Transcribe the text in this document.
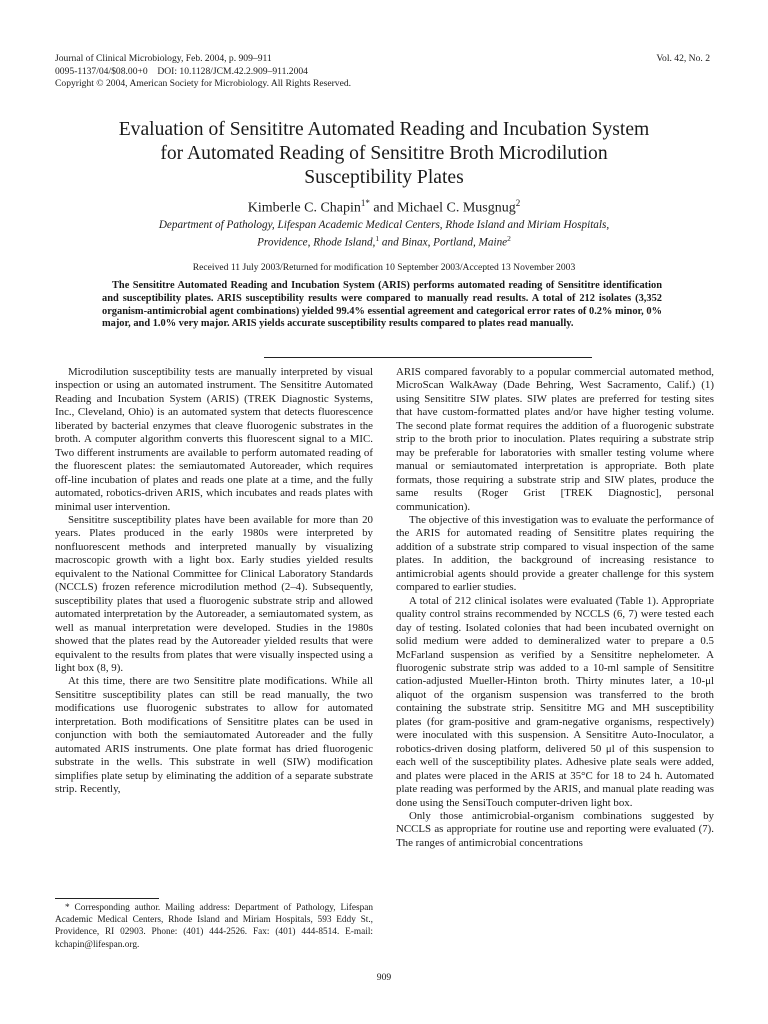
Journal of Clinical Microbiology, Feb. 2004, p. 909–911
0095-1137/04/$08.00+0    DOI: 10.1128/JCM.42.2.909–911.2004
Copyright © 2004, American Society for Microbiology. All Rights Reserved.
Vol. 42, No. 2
Evaluation of Sensititre Automated Reading and Incubation System
for Automated Reading of Sensititre Broth Microdilution
Susceptibility Plates
Kimberle C. Chapin$^{1*}$ and Michael C. Musgnug$^2$
Department of Pathology, Lifespan Academic Medical Centers, Rhode Island and Miriam Hospitals,
Providence, Rhode Island,$^1$ and Binax, Portland, Maine$^2$
Received 11 July 2003/Returned for modification 10 September 2003/Accepted 13 November 2003

The Sensititre Automated Reading and Incubation System (ARIS) performs automated reading of Sensititre identification and susceptibility plates. ARIS susceptibility results were compared to manually read results. A total of 212 isolates (3,352 organism-antimicrobial agent combinations) yielded 99.4% essential agreement and categorical error rates of 0.2% minor, 0% major, and 1.0% very major. ARIS yields accurate susceptibility results compared to plates read manually.

Microdilution susceptibility tests are manually interpreted by visual inspection or using an automated instrument. The Sensititre Automated Reading and Incubation System (ARIS) (TREK Diagnostic Systems, Inc., Cleveland, Ohio) is an automated system that detects fluorescence liberated by bacterial enzymes that cleave fluorogenic substrates in the broth. A computer algorithm converts this fluorescent signal to a MIC. Two different instruments are available to perform automated reading of the fluorescent plates: the semiautomated Autoreader, which requires off-line incubation of plates and reads one plate at a time, and the fully automated, robotics-driven ARIS, which incubates and reads plates with minimal user intervention.

Sensititre susceptibility plates have been available for more than 20 years. Plates produced in the early 1980s were interpreted by nonfluorescent methods and interpreted manually by visualizing macroscopic growth with a light box. Early studies yielded results equivalent to the National Committee for Clinical Laboratory Standards (NCCLS) frozen reference microdilution method (2–4). Subsequently, susceptibility plates that used a fluorogenic substrate strip and allowed automated interpretation by the Autoreader, a semiautomated system, as well as manual interpretation were developed. Studies in the 1980s showed that the plates read by the Autoreader yielded results that were equivalent to the results from plates that were visually inspected using a light box (8, 9).

At this time, there are two Sensititre plate modifications. While all Sensititre susceptibility plates can still be read manually, the two modifications use fluorogenic substrates to allow for automated interpretation. Both modifications of Sensititre plates can be used in conjunction with both the semiautomated Autoreader and the fully automated ARIS instruments. One plate format has dried fluorogenic substrate in the wells. This substrate in well (SIW) modification simplifies plate setup by eliminating the addition of a separate substrate strip. Recently,

ARIS compared favorably to a popular commercial automated method, MicroScan WalkAway (Dade Behring, West Sacramento, Calif.) (1) using Sensititre SIW plates. SIW plates are preferred for testing sites that have custom-formatted plates and/or have higher testing volume. The second plate format requires the addition of a fluorogenic substrate strip to the broth prior to inoculation. Plates requiring a substrate strip may be preferable for laboratories with smaller testing volume where manual or semiautomated interpretation is appropriate. Both plate formats, those requiring a substrate strip and SIW plates, produce the same results (Roger Grist [TREK Diagnostic], personal communication).

The objective of this investigation was to evaluate the performance of the ARIS for automated reading of Sensititre plates requiring the addition of a substrate strip compared to visual inspection of the same plates. In addition, the background of increasing resistance to antimicrobial agents should provide a greater challenge for this system compared to earlier studies.

A total of 212 clinical isolates were evaluated (Table 1). Appropriate quality control strains recommended by NCCLS (6, 7) were tested each day of testing. Isolated colonies that had been incubated overnight on solid medium were added to demineralized water to prepare a 0.5 McFarland suspension as verified by a Sensititre nephelometer. A fluorogenic substrate strip was added to a 10-ml sample of Sensititre cation-adjusted Mueller-Hinton broth. Thirty minutes later, a 10-μl aliquot of the organism suspension was transferred to the broth containing the substrate strip. Sensititre MG and MH susceptibility plates (for gram-positive and gram-negative organisms, respectively) were inoculated with this suspension. A Sensititre Auto-Inoculator, a robotics-driven dosing platform, delivered 50 μl of this suspension to each well of the susceptibility plates. Adhesive plate seals were added, and plates were placed in the ARIS at 35°C for 18 to 24 h. Automated plate reading was performed by the ARIS, and manual plate reading was done using the SensiTouch computer-driven light box.

Only those antimicrobial-organism combinations suggested by NCCLS as appropriate for routine use and reporting were evaluated (7). The ranges of antimicrobial concentrations

* Corresponding author. Mailing address: Department of Pathology, Lifespan Academic Medical Centers, Rhode Island and Miriam Hospitals, 593 Eddy St., Providence, RI 02903. Phone: (401) 444-2526. Fax: (401) 444-8514. E-mail: kchapin@lifespan.org.

909
